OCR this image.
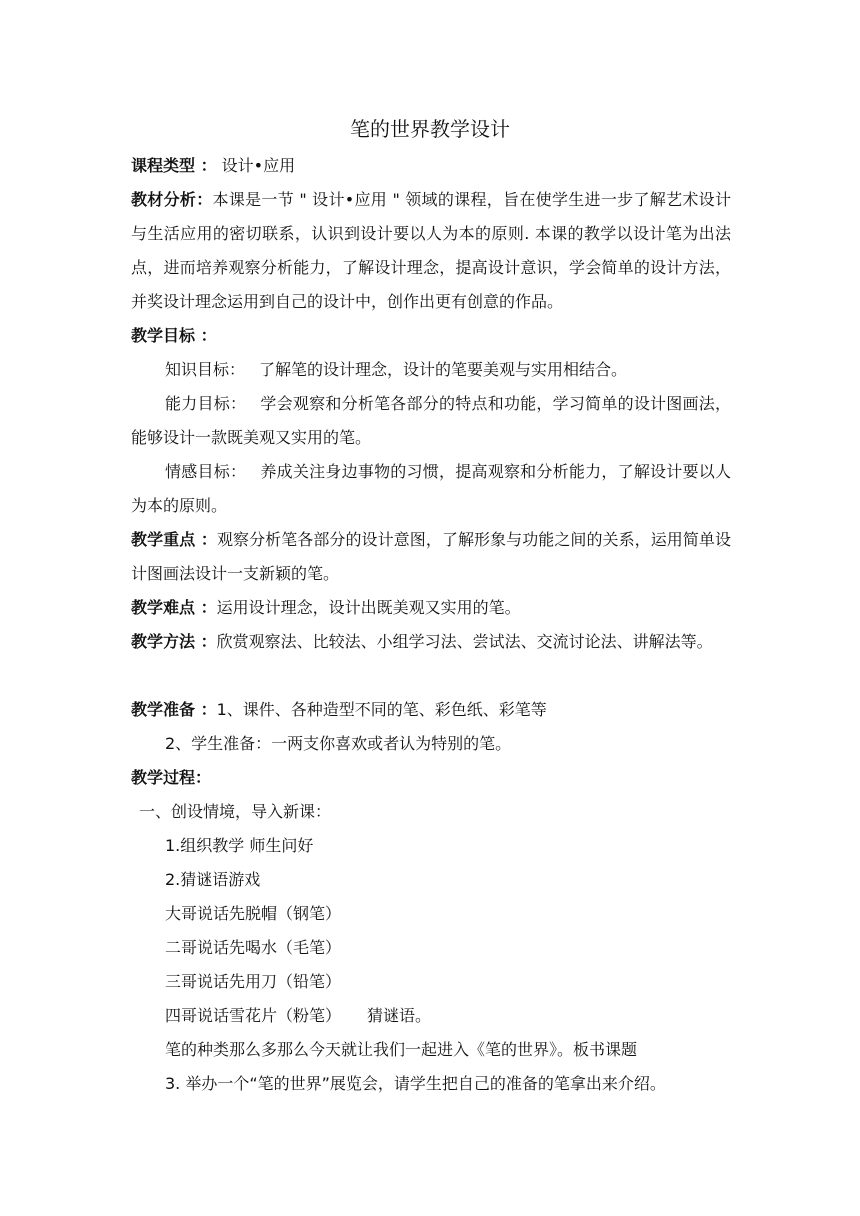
笔的世界教学设计

课程类型 ： 设计•应用

教材分析：本课是一节 " 设计•应用 " 领域的课程，旨在使学生进一步了解艺术设计与生活应用的密切联系，认识到设计要以人为本的原则. 本课的教学以设计笔为出法点，进而培养观察分析能力，了解设计理念，提高设计意识，学会简单的设计方法，并奖设计理念运用到自己的设计中，创作出更有创意的作品。

教学目标 ：

知识目标： 了解笔的设计理念，设计的笔要美观与实用相结合。

能力目标： 学会观察和分析笔各部分的特点和功能，学习简单的设计图画法，能够设计一款既美观又实用的笔。

情感目标： 养成关注身边事物的习惯，提高观察和分析能力，了解设计要以人为本的原则。

教学重点 ：观察分析笔各部分的设计意图，了解形象与功能之间的关系，运用简单设计图画法设计一支新颖的笔。

教学难点 ：运用设计理念，设计出既美观又实用的笔。

教学方法 ：欣赏观察法、比较法、小组学习法、尝试法、交流讨论法、讲解法等。

教学准备 ：1、课件、各种造型不同的笔、彩色纸、彩笔等

2、学生准备：一两支你喜欢或者认为特别的笔。

教学过程：

一、创设情境，导入新课：

1.组织教学 师生问好

2.猜谜语游戏

大哥说话先脱帽（钢笔）

二哥说话先喝水（毛笔）

三哥说话先用刀（铅笔）

四哥说话雪花片（粉笔） 猜谜语。

笔的种类那么多那么今天就让我们一起进入《笔的世界》。板书课题

3. 举办一个“笔的世界”展览会，请学生把自己的准备的笔拿出来介绍。
